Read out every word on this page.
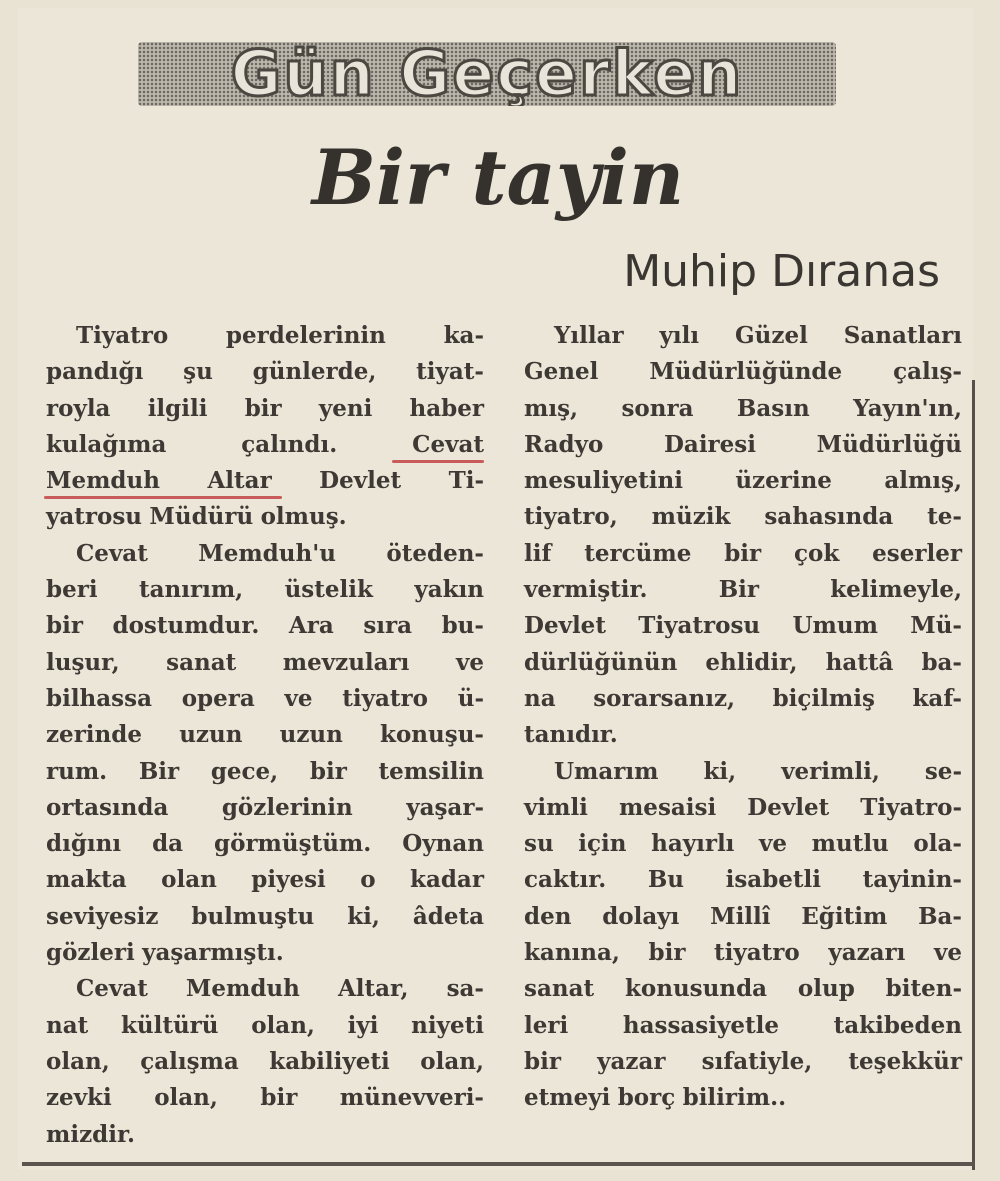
Gün Geçerken
Bir tayin
Muhip Dıranas
Tiyatro	perdelerinin	ka-
pandığı şu günlerde, tiyat-
royla ilgili bir yeni haber
kulağıma	çalındı.	Cevat
Memduh Altar Devlet Ti-
yatrosu Müdürü olmuş.
Cevat Memduh'u öteden-
beri tanırım, üstelik yakın
bir dostumdur. Ara sıra bu-
luşur, sanat mevzuları ve
bilhassa opera ve tiyatro ü-
zerinde uzun uzun konuşu-
rum. Bir gece, bir temsilin
ortasında gözlerinin yaşar-
dığını da görmüştüm. Oynan
makta olan piyesi o kadar
seviyesiz bulmuştu ki, âdeta
gözleri yaşarmıştı.
Cevat Memduh Altar, sa-
nat kültürü olan, iyi niyeti
olan, çalışma kabiliyeti olan,
zevki olan, bir münevveri-
mizdir.
Yıllar yılı Güzel Sanatları
Genel Müdürlüğünde çalış-
mış, sonra Basın Yayın'ın,
Radyo	Dairesi	Müdürlüğü
mesuliyetini üzerine almış,
tiyatro, müzik sahasında te-
lif tercüme bir çok eserler
vermiştir.	Bir	kelimeyle,
Devlet Tiyatrosu Umum Mü-
dürlüğünün ehlidir, hattâ ba-
na sorarsanız, biçilmiş kaf-
tanıdır.
Umarım ki, verimli, se-
vimli mesaisi Devlet Tiyatro-
su için hayırlı ve mutlu ola-
caktır. Bu isabetli tayinin-
den dolayı Millî Eğitim Ba-
kanına, bir tiyatro yazarı ve
sanat konusunda olup biten-
leri hassasiyetle takibeden
bir yazar sıfatiyle, teşekkür
etmeyi borç bilirim..
